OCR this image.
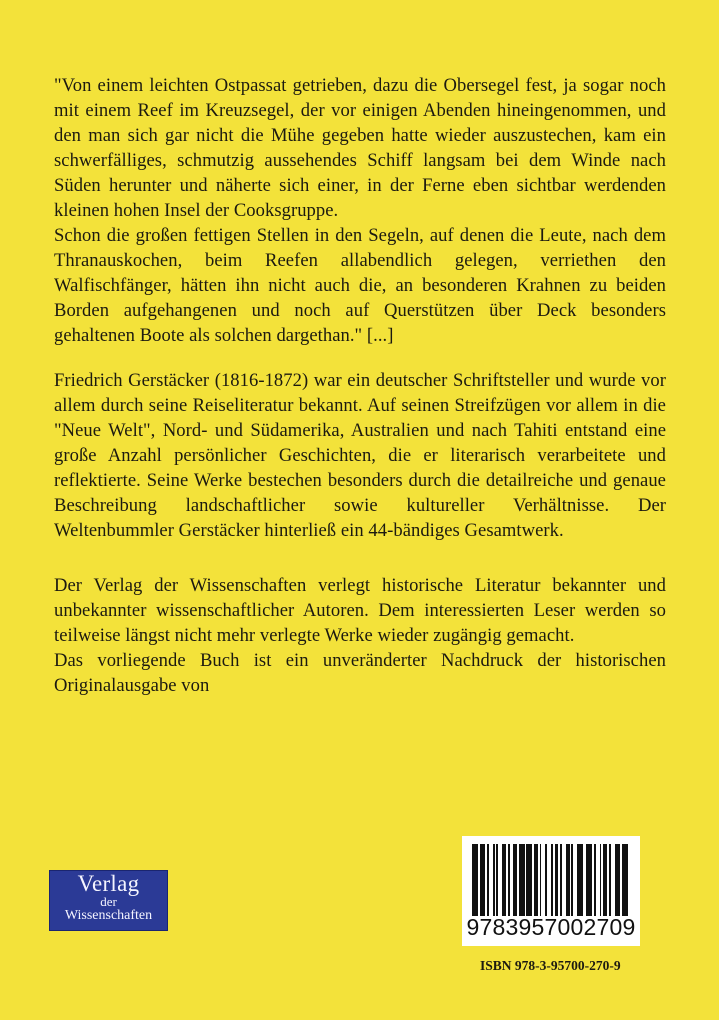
"Von einem leichten Ostpassat getrieben, dazu die Obersegel fest, ja sogar noch mit einem Reef im Kreuzsegel, der vor einigen Abenden hineingenommen, und den man sich gar nicht die Mühe gegeben hatte wieder auszustechen, kam ein schwerfälliges, schmutzig aussehendes Schiff langsam bei dem Winde nach Süden herunter und näherte sich einer, in der Ferne eben sichtbar werdenden kleinen hohen Insel der Cooksgruppe.

Schon die großen fettigen Stellen in den Segeln, auf denen die Leute, nach dem Thranauskochen, beim Reefen allabendlich gelegen, verriethen den Walfischfänger, hätten ihn nicht auch die, an besonderen Krahnen zu beiden Borden aufgehangenen und noch auf Querstützen über Deck besonders gehaltenen Boote als solchen dargethan." [...]

Friedrich Gerstäcker (1816-1872) war ein deutscher Schriftsteller und wurde vor allem durch seine Reiseliteratur bekannt. Auf seinen Streifzügen vor allem in die "Neue Welt", Nord- und Südamerika, Australien und nach Tahiti entstand eine große Anzahl persönlicher Geschichten, die er literarisch verarbeitete und reflektierte. Seine Werke bestechen besonders durch die detailreiche und genaue Beschreibung landschaftlicher sowie kultureller Verhältnisse. Der Weltenbummler Gerstäcker hinterließ ein 44-bändiges Gesamtwerk.

Der Verlag der Wissenschaften verlegt historische Literatur bekannter und unbekannter wissenschaftlicher Autoren. Dem interessierten Leser werden so teilweise längst nicht mehr verlegte Werke wieder zugängig gemacht.

Das vorliegende Buch ist ein unveränderter Nachdruck der historischen Originalausgabe von

Verlag
der
Wissenschaften	9783957002709
ISBN 978-3-95700-270-9
